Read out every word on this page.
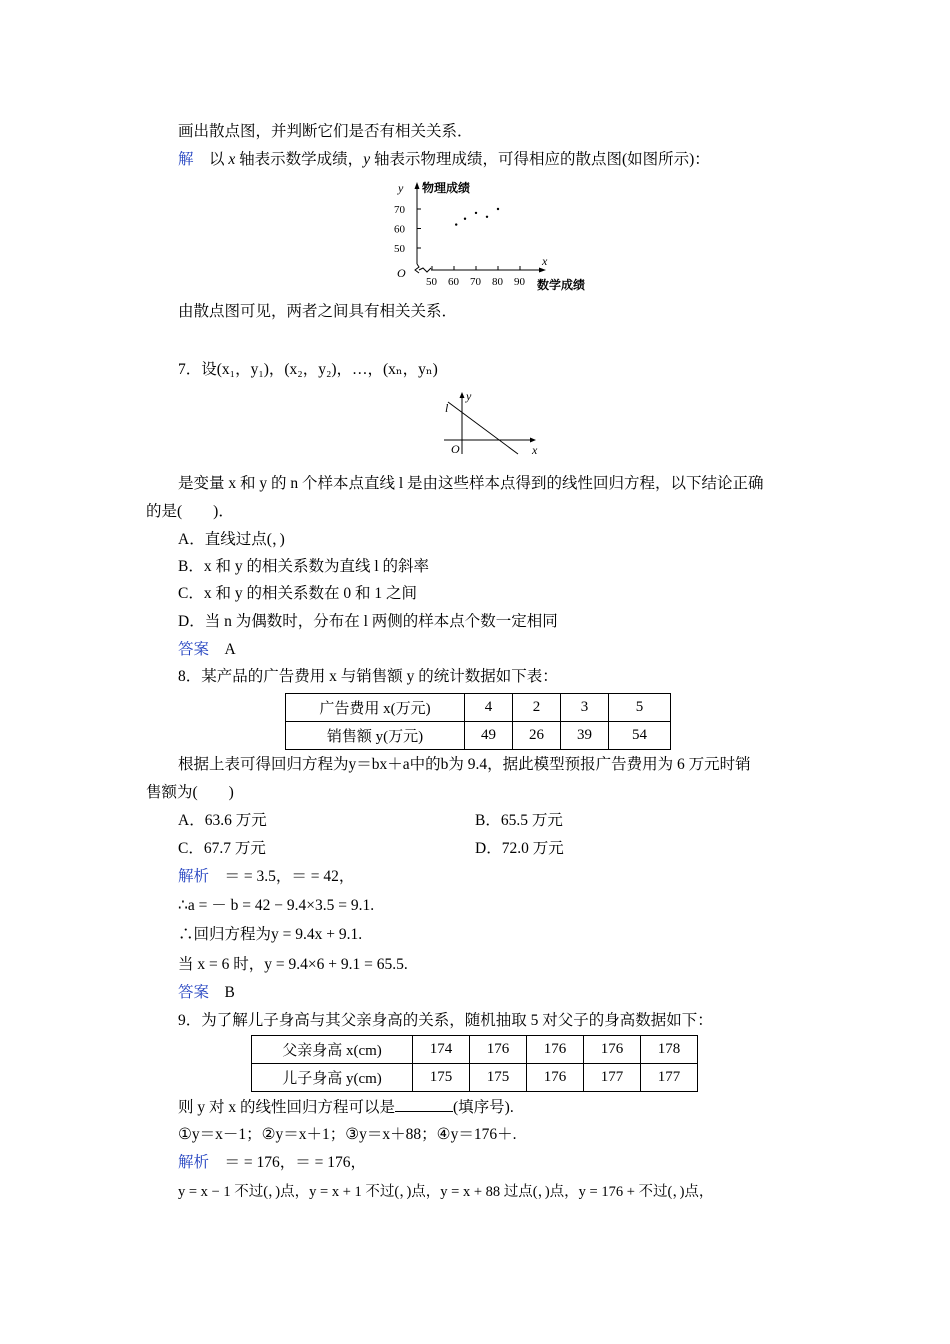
画出散点图，并判断它们是否有相关关系．
解  以 x 轴表示数学成绩，y 轴表示物理成绩，可得相应的散点图(如图所示)：
y 物理成绩
O
x
数学成绩
70
60
50
50 60 70 80 90
由散点图可见，两者之间具有相关关系．
7．设(x₁，y₁)，(x₂，y₂)，…，(xₙ，yₙ)
l
y
O	x
是变量 x 和 y 的 n 个样本点直线 l 是由这些样本点得到的线性回归方程，以下结论正确
的是(　　)．
A．直线过点(，)
B．x 和 y 的相关系数为直线 l 的斜率
C．x 和 y 的相关系数在 0 和 1 之间
D．当 n 为偶数时，分布在 l 两侧的样本点个数一定相同
答案  A
8．某产品的广告费用 x 与销售额 y 的统计数据如下表：
广告费用 x(万元)	4	2	3	5
销售额 y(万元)	49	26	39	54
根据上表可得回归方程为y＝bx＋a中的b为 9.4，据此模型预报广告费用为 6 万元时销
售额为(　　)
A．63.6 万元	B．65.5 万元
C．67.7 万元	D．72.0 万元
解析  ＝ = 3.5，＝ = 42，
∴a = － b = 42 − 9.4×3.5 = 9.1.
∴回归方程为y = 9.4x + 9.1.
当 x = 6 时，y = 9.4×6 + 9.1 = 65.5.
答案  B
9．为了解儿子身高与其父亲身高的关系，随机抽取 5 对父子的身高数据如下：
父亲身高 x(cm)	174	176	176	176	178
儿子身高 y(cm)	175	175	176	177	177
则 y 对 x 的线性回归方程可以是	(填序号).
①y＝x－1；②y＝x＋1；③y＝x＋88；④y＝176＋.
解析  ＝ = 176，＝ = 176，
y = x − 1 不过(，)点，y = x + 1 不过(，)点，y = x + 88 过点(，)点，y = 176 + 不过(，)点，
